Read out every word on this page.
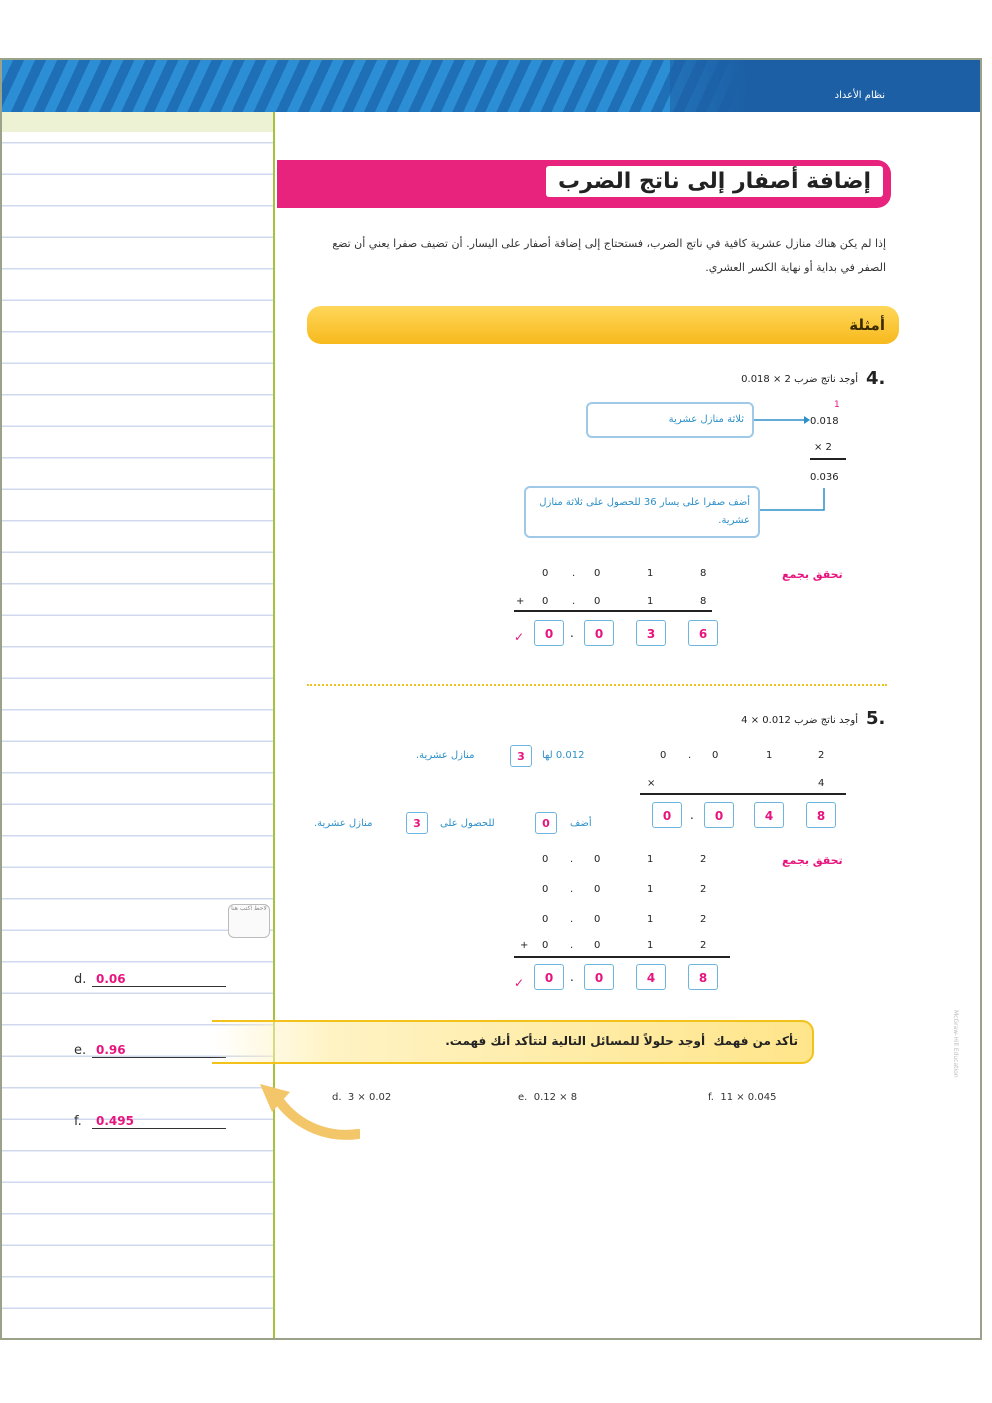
نظام الأعداد
لاحظ اكتب هنا
d. 0.06
e. 0.96
f. 0.495
إضافة أصفار إلى ناتج الضرب
إذا لم يكن هناك منازل عشرية كافية في ناتج الضرب، فستحتاج إلى إضافة أصفار على اليسار. أن تضيف صفرا يعني أن تضع الصفر في بداية أو نهاية الكسر العشري.
أمثلة
4.
أوجد ناتج ضرب 2 × 0.018
1
0.018
× 2
0.036
ثلاثة منازل عشرية
أضف صفرا على يسار 36 للحصول على ثلاثة منازل عشرية.
تحقق بجمع
0 . 0	1	8
+ 0 . 0	1	8
✓	0	.	0	3	6
5.
أوجد ناتج ضرب 0.012 × 4
0 . 0	1	2
×	4
0	.	0	4	8
0.012 لها
3
منازل عشرية.
أضف
0
للحصول على
3
منازل عشرية.
تحقق بجمع
0 . 0	1	2
0 . 0	1	2
0 . 0	1	2
+ 0 . 0	1	2
✓	0	.	0	4	8
تأكد من فهمك  أوجد حلولاً للمسائل التالية لتتأكد أنك فهمت.
d. 3 × 0.02	e. 0.12 × 8	f. 11 × 0.045
McGraw-Hill Education
